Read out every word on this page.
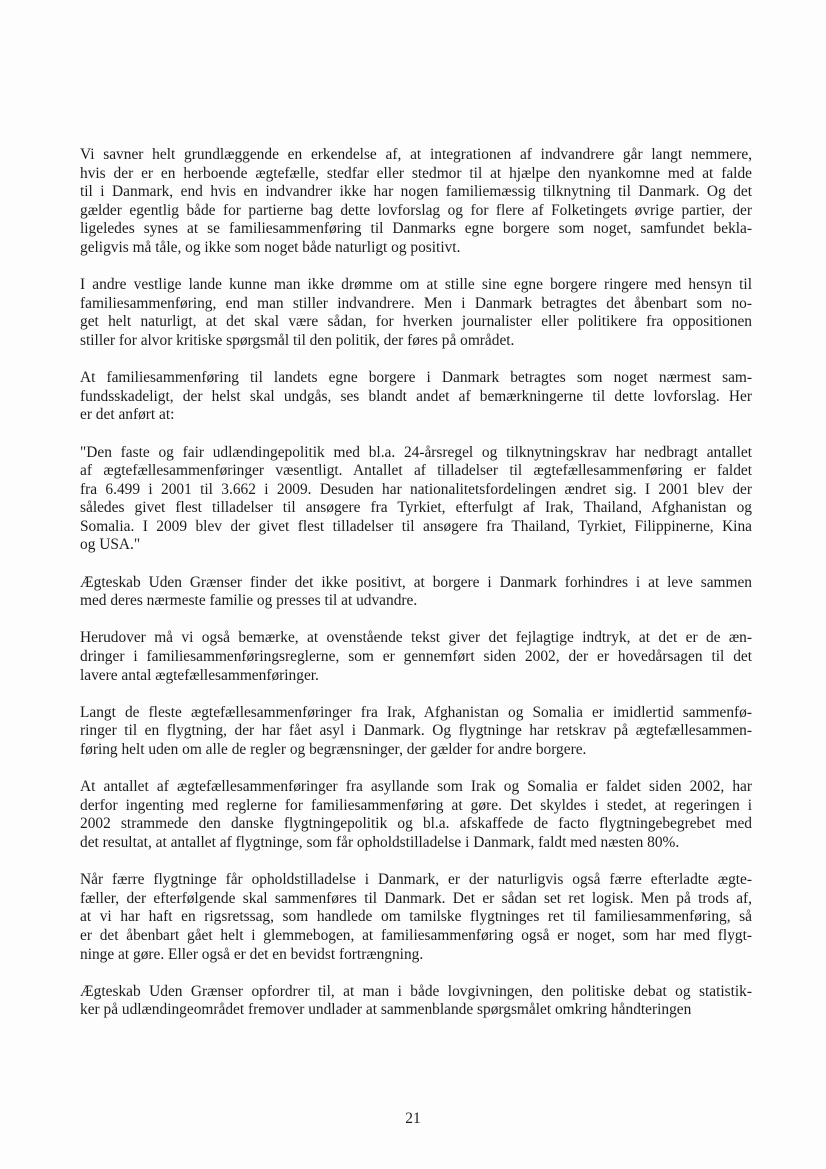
Vi savner helt grundlæggende en erkendelse af, at integrationen af indvandrere går langt nemmere,
hvis der er en herboende ægtefælle, stedfar eller stedmor til at hjælpe den nyankomne med at falde
til i Danmark, end hvis en indvandrer ikke har nogen familiemæssig tilknytning til Danmark. Og det
gælder egentlig både for partierne bag dette lovforslag og for flere af Folketingets øvrige partier, der
ligeledes synes at se familiesammenføring til Danmarks egne borgere som noget, samfundet bekla-
geligvis må tåle, og ikke som noget både naturligt og positivt.

I andre vestlige lande kunne man ikke drømme om at stille sine egne borgere ringere med hensyn til
familiesammenføring, end man stiller indvandrere. Men i Danmark betragtes det åbenbart som no-
get helt naturligt, at det skal være sådan, for hverken journalister eller politikere fra oppositionen
stiller for alvor kritiske spørgsmål til den politik, der føres på området.

At familiesammenføring til landets egne borgere i Danmark betragtes som noget nærmest sam-
fundsskadeligt, der helst skal undgås, ses blandt andet af bemærkningerne til dette lovforslag. Her
er det anført at:

"Den faste og fair udlændingepolitik med bl.a. 24-årsregel og tilknytningskrav har nedbragt antallet
af ægtefællesammenføringer væsentligt. Antallet af tilladelser til ægtefællesammenføring er faldet
fra 6.499 i 2001 til 3.662 i 2009. Desuden har nationalitetsfordelingen ændret sig. I 2001 blev der
således givet flest tilladelser til ansøgere fra Tyrkiet, efterfulgt af Irak, Thailand, Afghanistan og
Somalia. I 2009 blev der givet flest tilladelser til ansøgere fra Thailand, Tyrkiet, Filippinerne, Kina
og USA."

Ægteskab Uden Grænser finder det ikke positivt, at borgere i Danmark forhindres i at leve sammen
med deres nærmeste familie og presses til at udvandre.

Herudover må vi også bemærke, at ovenstående tekst giver det fejlagtige indtryk, at det er de æn-
dringer i familiesammenføringsreglerne, som er gennemført siden 2002, der er hovedårsagen til det
lavere antal ægtefællesammenføringer.

Langt de fleste ægtefællesammenføringer fra Irak, Afghanistan og Somalia er imidlertid sammenfø-
ringer til en flygtning, der har fået asyl i Danmark. Og flygtninge har retskrav på ægtefællesammen-
føring helt uden om alle de regler og begrænsninger, der gælder for andre borgere.

At antallet af ægtefællesammenføringer fra asyllande som Irak og Somalia er faldet siden 2002, har
derfor ingenting med reglerne for familiesammenføring at gøre. Det skyldes i stedet, at regeringen i
2002 strammede den danske flygtningepolitik og bl.a. afskaffede de facto flygtningebegrebet med
det resultat, at antallet af flygtninge, som får opholdstilladelse i Danmark, faldt med næsten 80%.

Når færre flygtninge får opholdstilladelse i Danmark, er der naturligvis også færre efterladte ægte-
fæller, der efterfølgende skal sammenføres til Danmark. Det er sådan set ret logisk. Men på trods af,
at vi har haft en rigsretssag, som handlede om tamilske flygtninges ret til familiesammenføring, så
er det åbenbart gået helt i glemmebogen, at familiesammenføring også er noget, som har med flygt-
ninge at gøre. Eller også er det en bevidst fortrængning.

Ægteskab Uden Grænser opfordrer til, at man i både lovgivningen, den politiske debat og statistik-
ker på udlændingeområdet fremover undlader at sammenblande spørgsmålet omkring håndteringen

21
